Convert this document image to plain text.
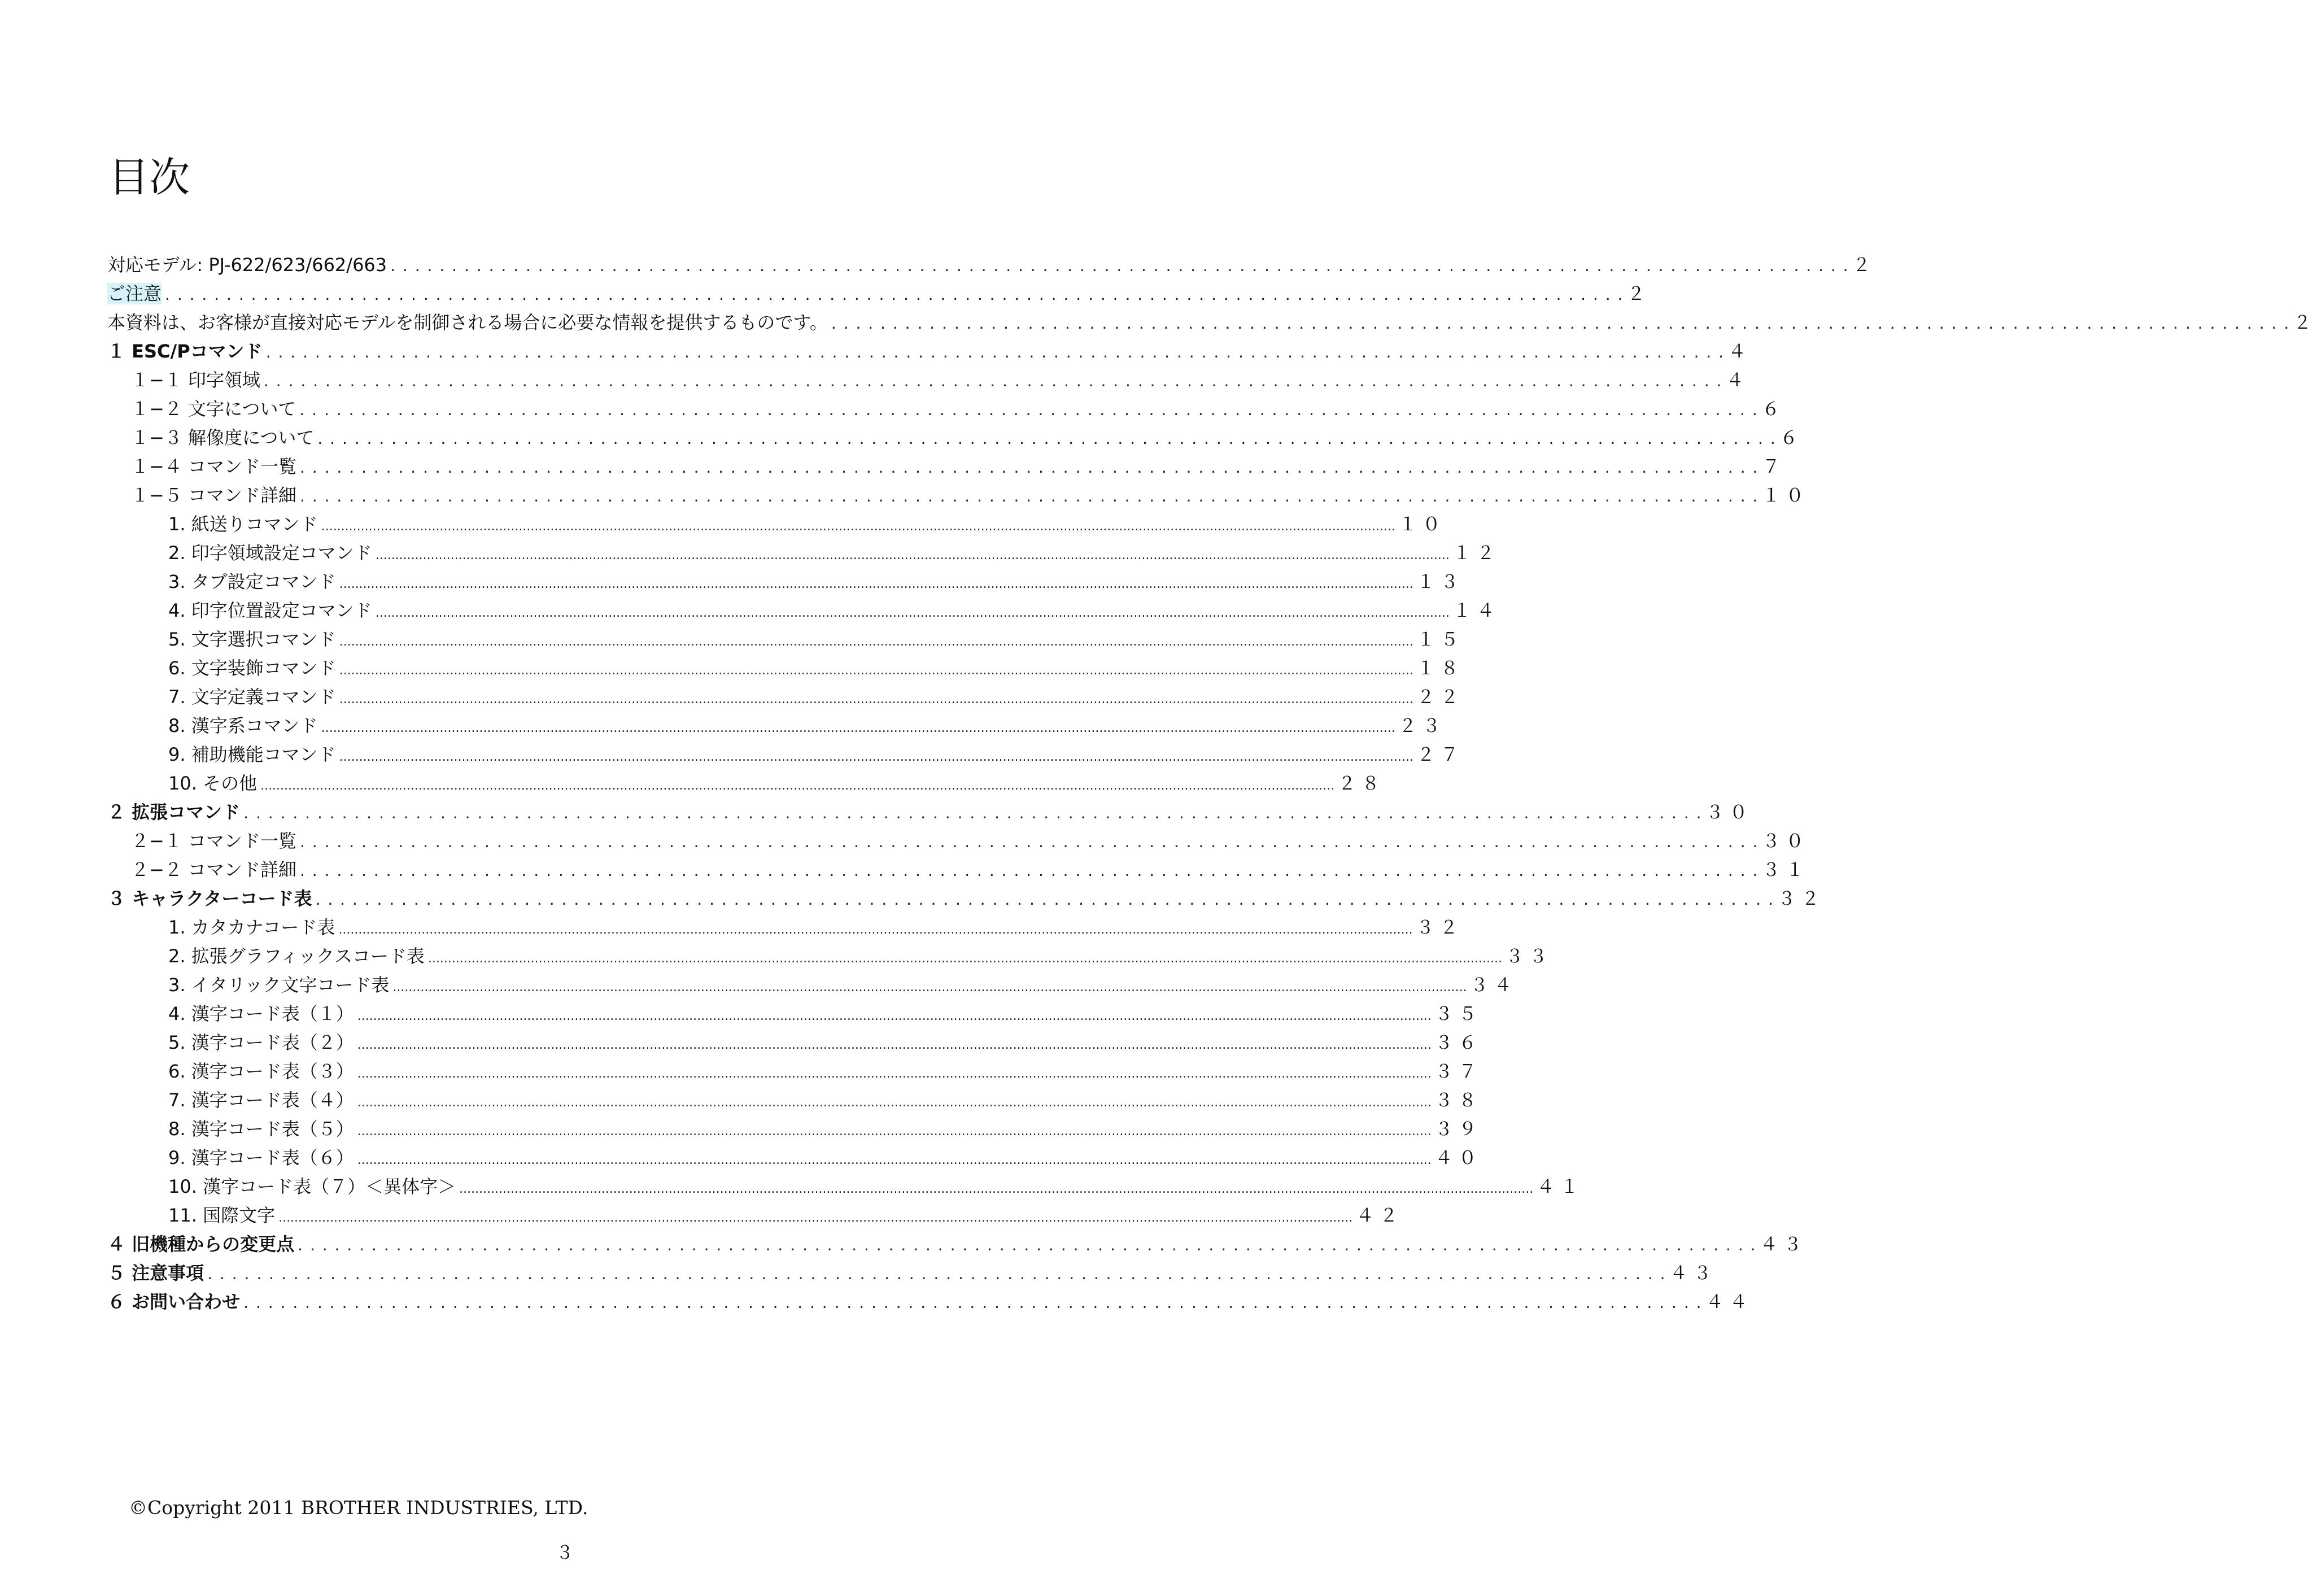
目次
対応モデル: PJ-622/623/662/663 . . .	２
ご注意 . . .	２
本資料は、お客様が直接対応モデルを制御される場合に必要な情報を提供するものです。 . . .	２
１ ESC/Pコマンド . . .	４
１−１ 印字領域 . . .	４
１−２ 文字について . . .	６
１−３ 解像度について . . .	６
１−４ コマンド一覧 . . .	７
１−５ コマンド詳細 . . .	１０
1. 紙送りコマンド .....	１０
2. 印字領域設定コマンド .....	１２
3. タブ設定コマンド .....	１３
4. 印字位置設定コマンド .....	１４
5. 文字選択コマンド .....	１５
6. 文字装飾コマンド .....	１８
7. 文字定義コマンド .....	２２
8. 漢字系コマンド .....	２３
9. 補助機能コマンド .....	２７
10. その他 .....	２８
２ 拡張コマンド . . .	３０
２−１ コマンド一覧 . . .	３０
２−２ コマンド詳細 . . .	３１
３ キャラクターコード表 . . .	３２
1. カタカナコード表 .....	３２
2. 拡張グラフィックスコード表 .....	３３
3. イタリック文字コード表 .....	３４
4. 漢字コード表（１） .....	３５
5. 漢字コード表（２） .....	３６
6. 漢字コード表（３） .....	３７
7. 漢字コード表（４） .....	３８
8. 漢字コード表（５） .....	３９
9. 漢字コード表（６） .....	４０
10. 漢字コード表（７）＜異体字＞ .....	４１
11. 国際文字 .....	４２
４ 旧機種からの変更点 . . .	４３
５ 注意事項 . . .	４３
６ お問い合わせ . . .	４４
©Copyright 2011 BROTHER INDUSTRIES, LTD.
３
